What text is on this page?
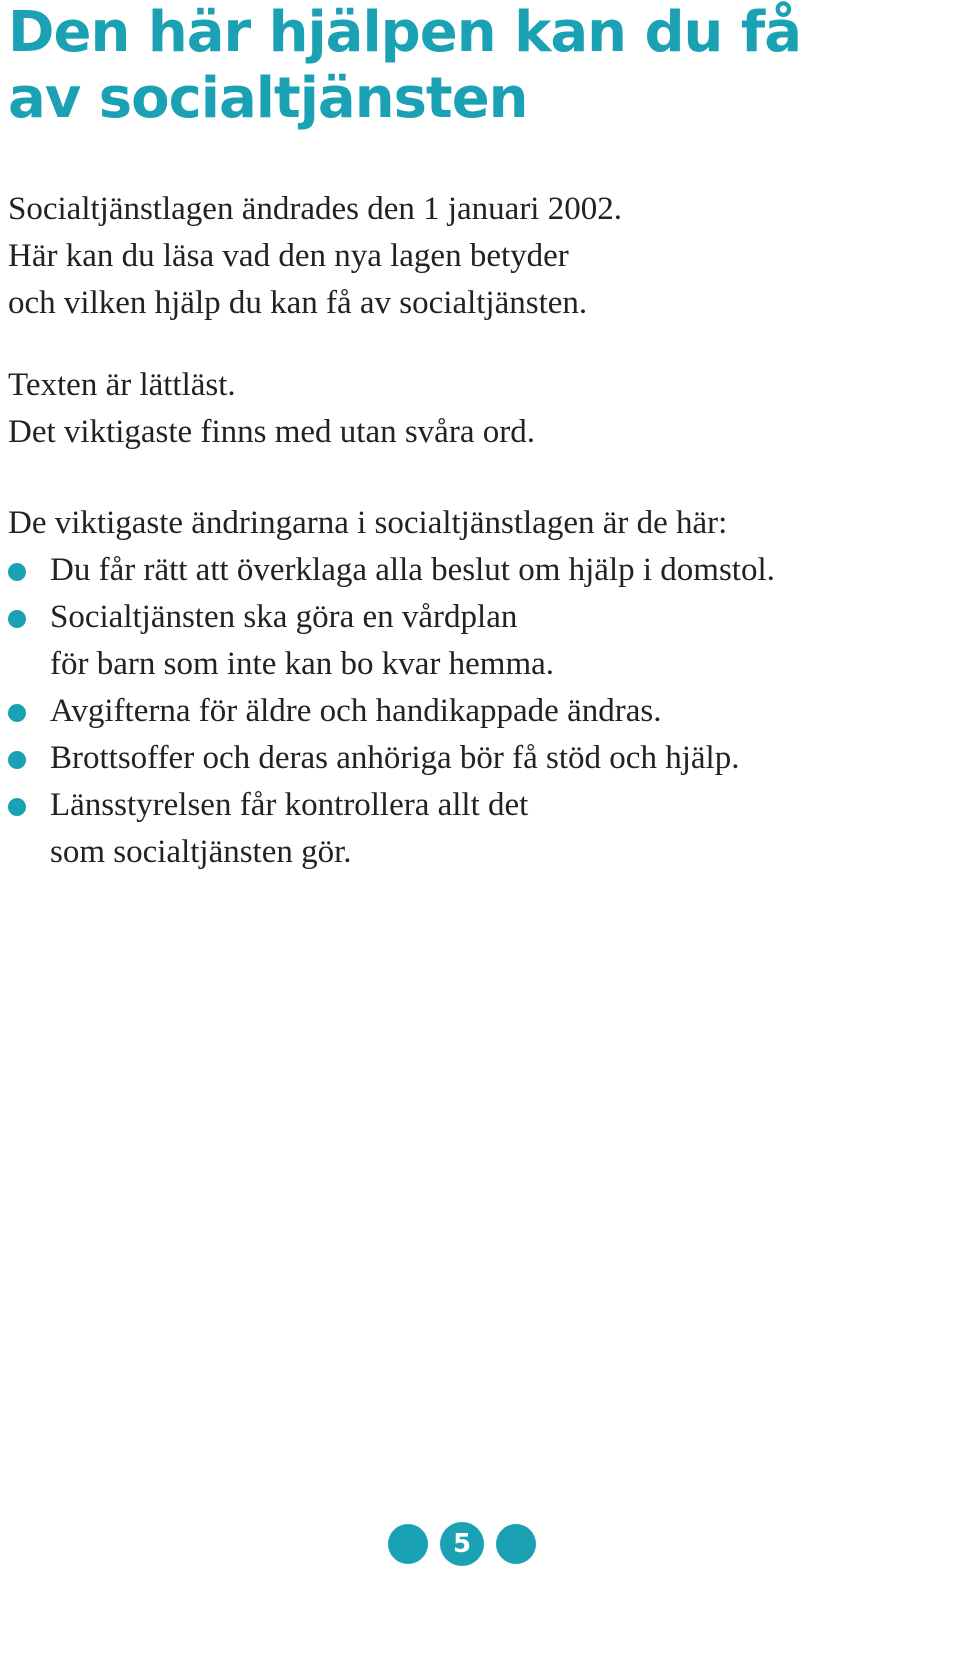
Den här hjälpen kan du få
av socialtjänsten

Socialtjänstlagen ändrades den 1 januari 2002.
Här kan du läsa vad den nya lagen betyder
och vilken hjälp du kan få av socialtjänsten.

Texten är lättläst.
Det viktigaste finns med utan svåra ord.

De viktigaste ändringarna i socialtjänstlagen är de här:

Du får rätt att överklaga alla beslut om hjälp i domstol.
Socialtjänsten ska göra en vårdplan
för barn som inte kan bo kvar hemma.
Avgifterna för äldre och handikappade ändras.
Brottsoffer och deras anhöriga bör få stöd och hjälp.
Länsstyrelsen får kontrollera allt det
som socialtjänsten gör.
5
